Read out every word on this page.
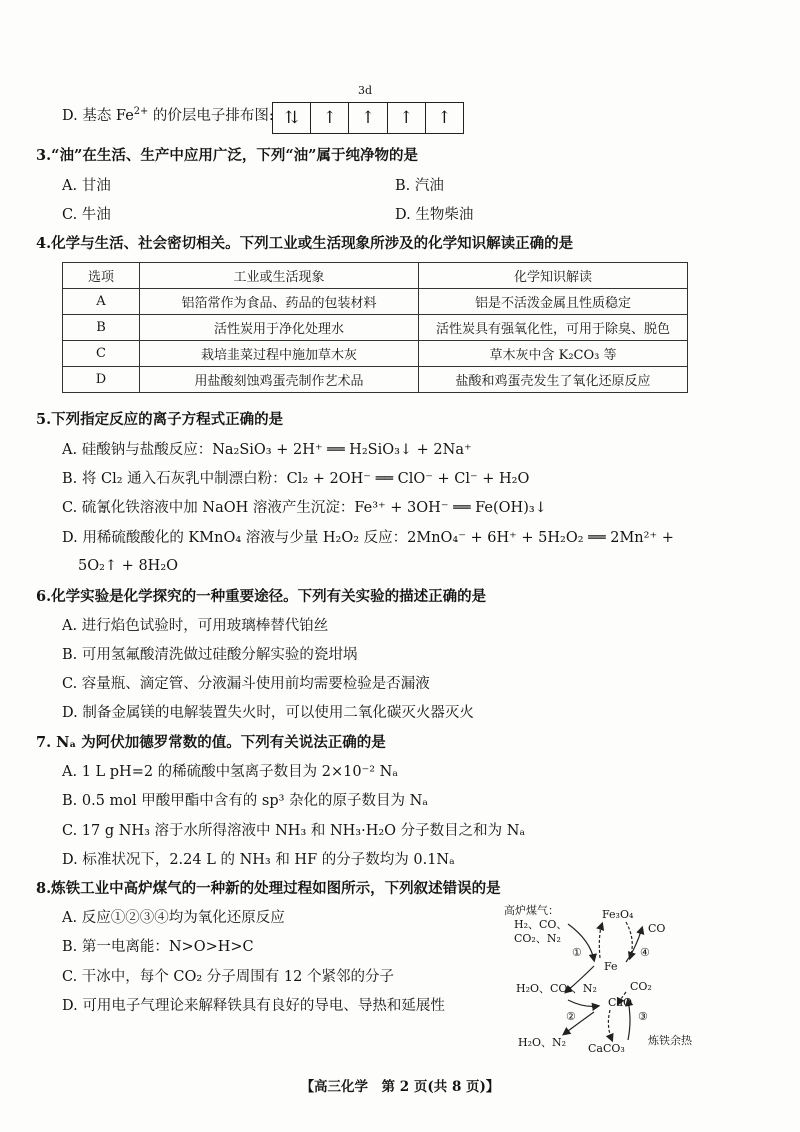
D. 基态 $Fe^{2+}$ 的价层电子排布图:
3d
⇅	↑	↑	↑	↑
3.“油”在生活、生产中应用广泛，下列“油”属于纯净物的是
A. 甘油	B. 汽油
C. 牛油	D. 生物柴油
4.化学与生活、社会密切相关。下列工业或生活现象所涉及的化学知识解读正确的是
选项	工业或生活现象	化学知识解读
A	铝箔常作为食品、药品的包装材料	铝是不活泼金属且性质稳定
B	活性炭用于净化处理水	活性炭具有强氧化性，可用于除臭、脱色
C	栽培韭菜过程中施加草木灰	草木灰中含 K₂CO₃ 等
D	用盐酸刻蚀鸡蛋壳制作艺术品	盐酸和鸡蛋壳发生了氧化还原反应
5.下列指定反应的离子方程式正确的是
A. 硅酸钠与盐酸反应：Na₂SiO₃ + 2H⁺ ══ H₂SiO₃↓ + 2Na⁺
B. 将 Cl₂ 通入石灰乳中制漂白粉：Cl₂ + 2OH⁻ ══ ClO⁻ + Cl⁻ + H₂O
C. 硫氰化铁溶液中加 NaOH 溶液产生沉淀：Fe³⁺ + 3OH⁻ ══ Fe(OH)₃↓
D. 用稀硫酸酸化的 KMnO₄ 溶液与少量 H₂O₂ 反应：2MnO₄⁻ + 6H⁺ + 5H₂O₂ ══ 2Mn²⁺ +
5O₂↑ + 8H₂O
6.化学实验是化学探究的一种重要途径。下列有关实验的描述正确的是
A. 进行焰色试验时，可用玻璃棒替代铂丝
B. 可用氢氟酸清洗做过硅酸分解实验的瓷坩埚
C. 容量瓶、滴定管、分液漏斗使用前均需要检验是否漏液
D. 制备金属镁的电解装置失火时，可以使用二氧化碳灭火器灭火
7. Nₐ 为阿伏加德罗常数的值。下列有关说法正确的是
A. 1 L pH=2 的稀硫酸中氢离子数目为 2×10⁻² Nₐ
B. 0.5 mol 甲酸甲酯中含有的 sp³ 杂化的原子数目为 Nₐ
C. 17 g NH₃ 溶于水所得溶液中 NH₃ 和 NH₃·H₂O 分子数目之和为 Nₐ
D. 标准状况下，2.24 L 的 NH₃ 和 HF 的分子数均为 0.1Nₐ
8.炼铁工业中高炉煤气的一种新的处理过程如图所示，下列叙述错误的是
A. 反应①②③④均为氧化还原反应
B. 第一电离能：N>O>H>C
C. 干冰中，每个 CO₂ 分子周围有 12 个紧邻的分子
D. 可用电子气理论来解释铁具有良好的导电、导热和延展性
高炉煤气：
H₂、CO、
CO₂、N₂
Fe₃O₄
CO
①	④
Fe
H₂O、CO₂、N₂	CO₂
CaO
②	③
H₂O、N₂ CaCO₃
炼铁余热
【高三化学　第 2 页(共 8 页)】
